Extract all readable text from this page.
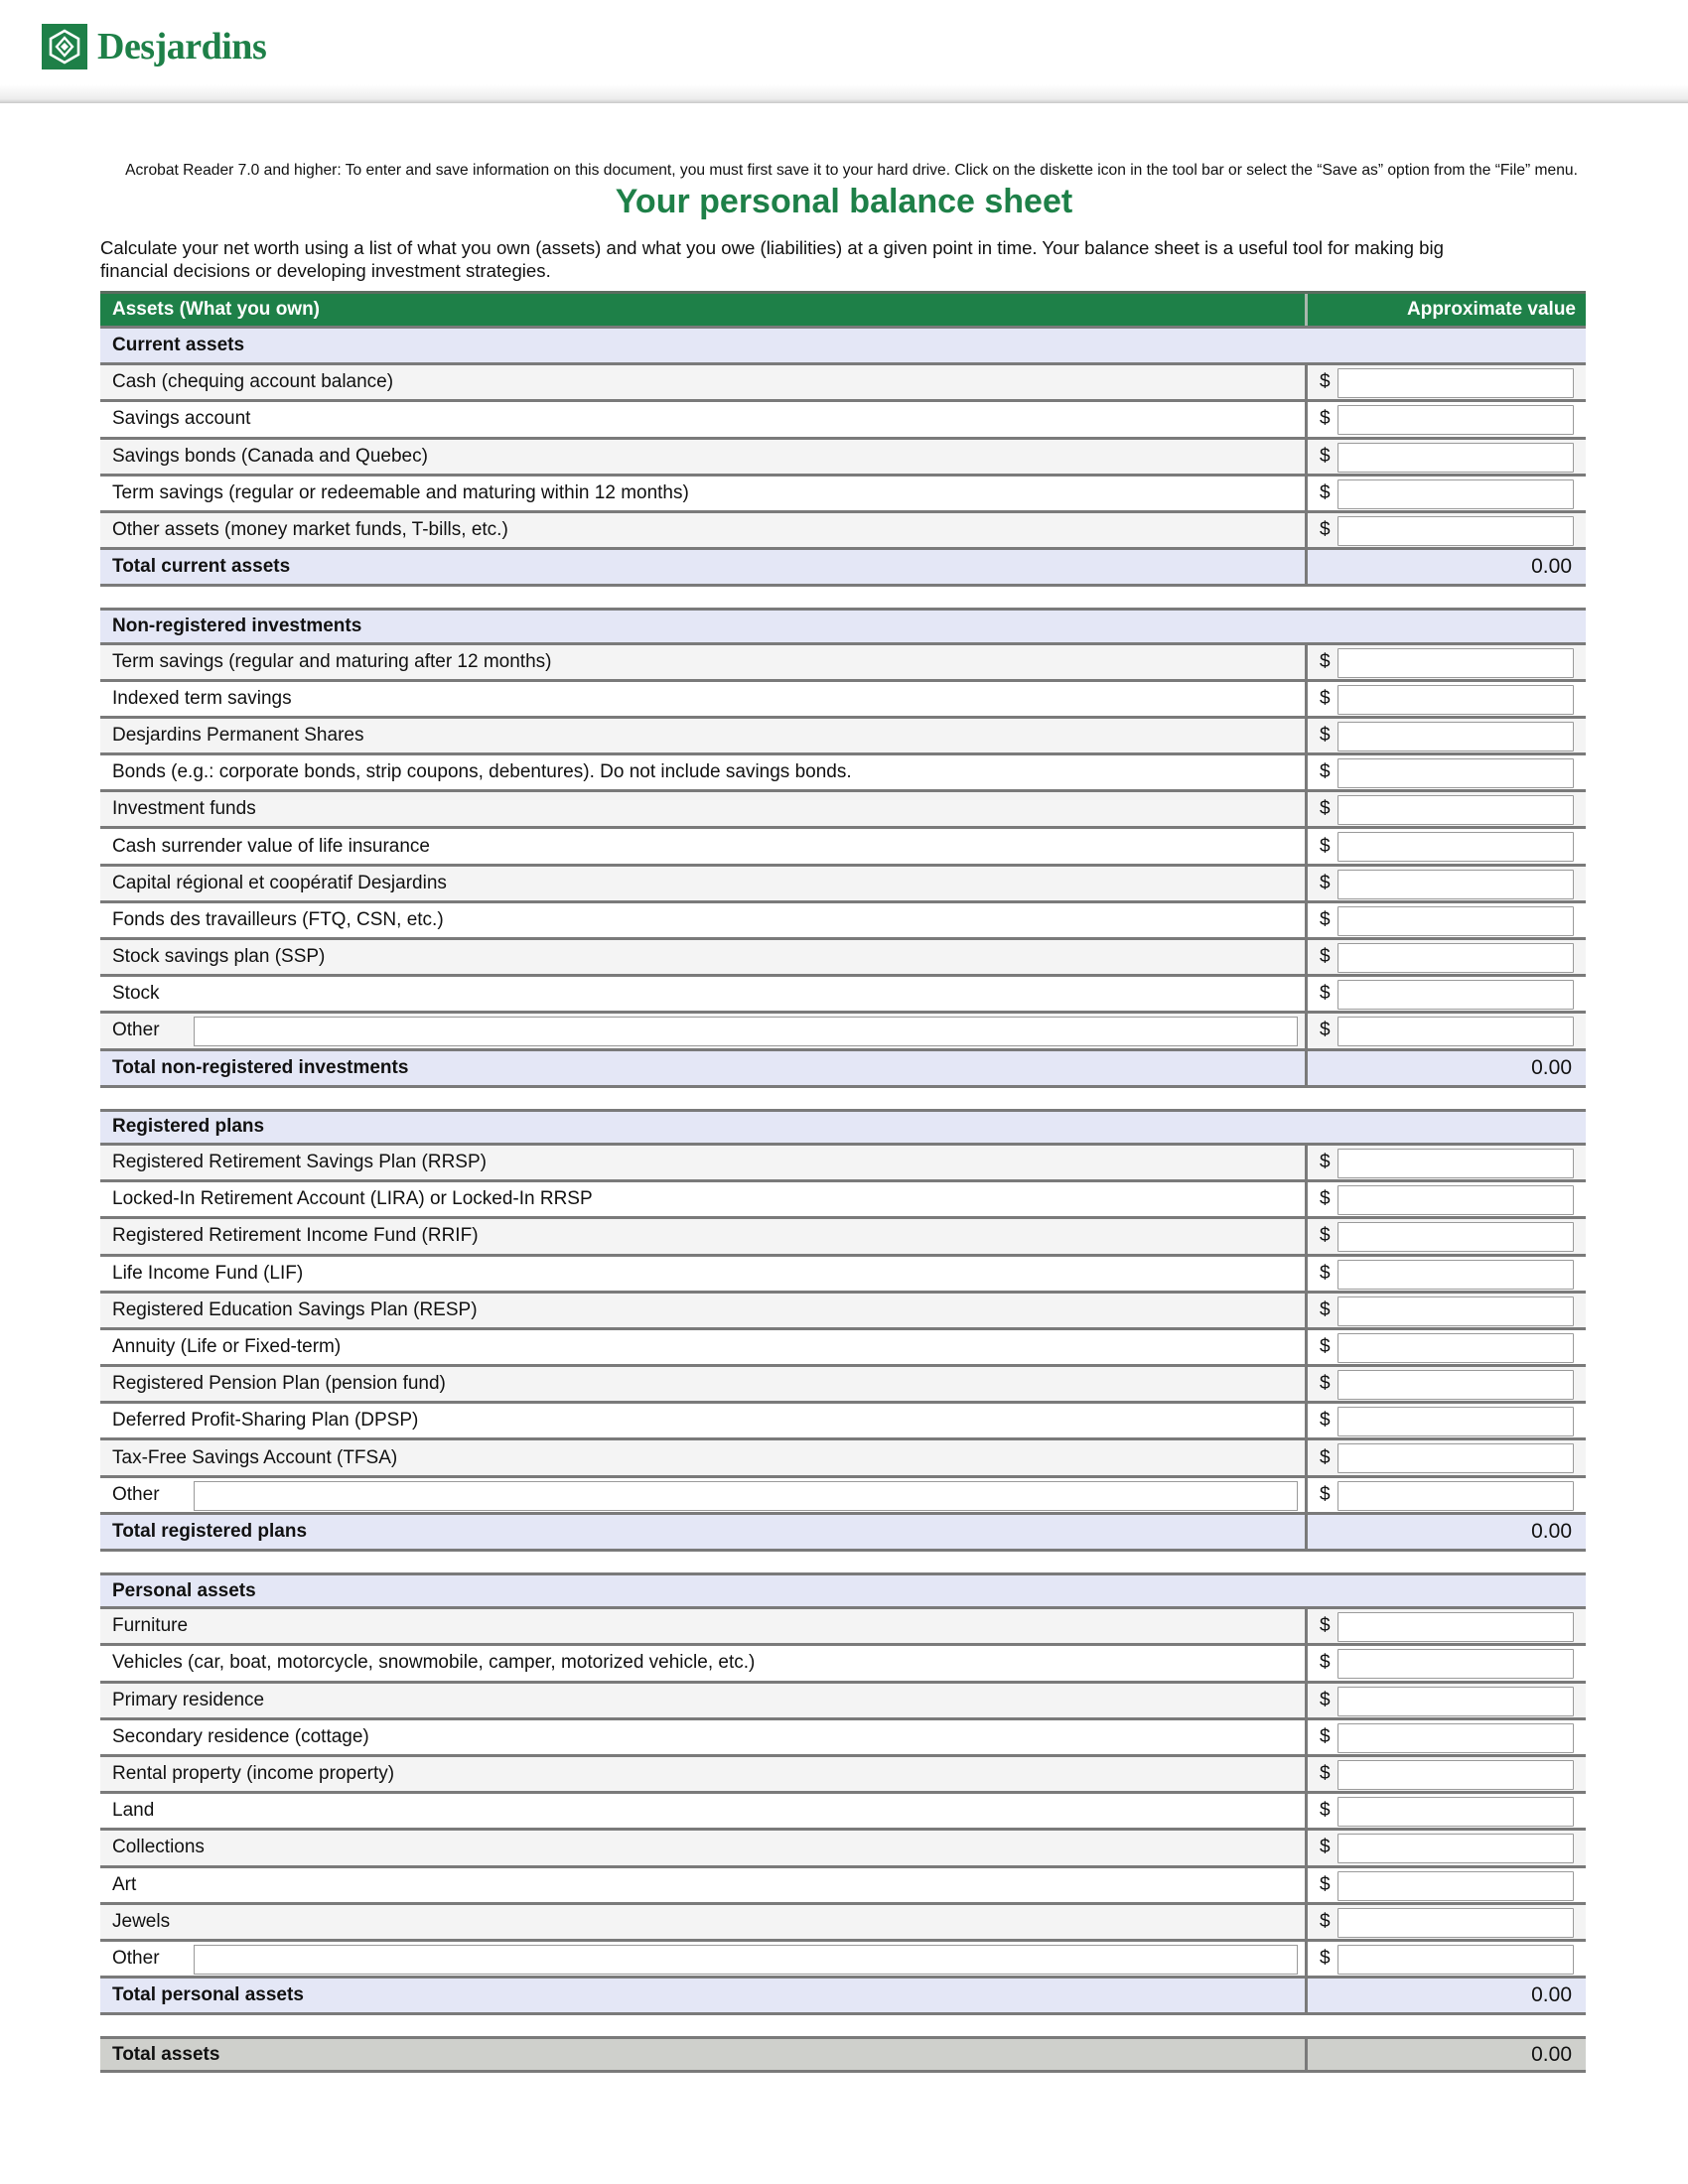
Desjardins
Acrobat Reader 7.0 and higher: To enter and save information on this document, you must first save it to your hard drive. Click on the diskette icon in the tool bar or select the “Save as” option from the “File” menu.
Your personal balance sheet
Calculate your net worth using a list of what you own (assets) and what you owe (liabilities) at a given point in time. Your balance sheet is a useful tool for making big financial decisions or developing investment strategies.
Assets (What you own)	Approximate value
Current assets
Cash (chequing account balance)	$
Savings account	$
Savings bonds (Canada and Quebec)	$
Term savings (regular or redeemable and maturing within 12 months)	$
Other assets (money market funds, T-bills, etc.)	$
Total current assets	0.00
Non-registered investments
Term savings (regular and maturing after 12 months)	$
Indexed term savings	$
Desjardins Permanent Shares	$
Bonds (e.g.: corporate bonds, strip coupons, debentures). Do not include savings bonds.	$
Investment funds	$
Cash surrender value of life insurance	$
Capital régional et coopératif Desjardins	$
Fonds des travailleurs (FTQ, CSN, etc.)	$
Stock savings plan (SSP)	$
Stock	$
Other	$
Total non-registered investments	0.00
Registered plans
Registered Retirement Savings Plan (RRSP)	$
Locked-In Retirement Account (LIRA) or Locked-In RRSP	$
Registered Retirement Income Fund (RRIF)	$
Life Income Fund (LIF)	$
Registered Education Savings Plan (RESP)	$
Annuity (Life or Fixed-term)	$
Registered Pension Plan (pension fund)	$
Deferred Profit-Sharing Plan (DPSP)	$
Tax-Free Savings Account (TFSA)	$
Other	$
Total registered plans	0.00
Personal assets
Furniture	$
Vehicles (car, boat, motorcycle, snowmobile, camper, motorized vehicle, etc.)	$
Primary residence	$
Secondary residence (cottage)	$
Rental property (income property)	$
Land	$
Collections	$
Art	$
Jewels	$
Other	$
Total personal assets	0.00
Total assets	0.00
